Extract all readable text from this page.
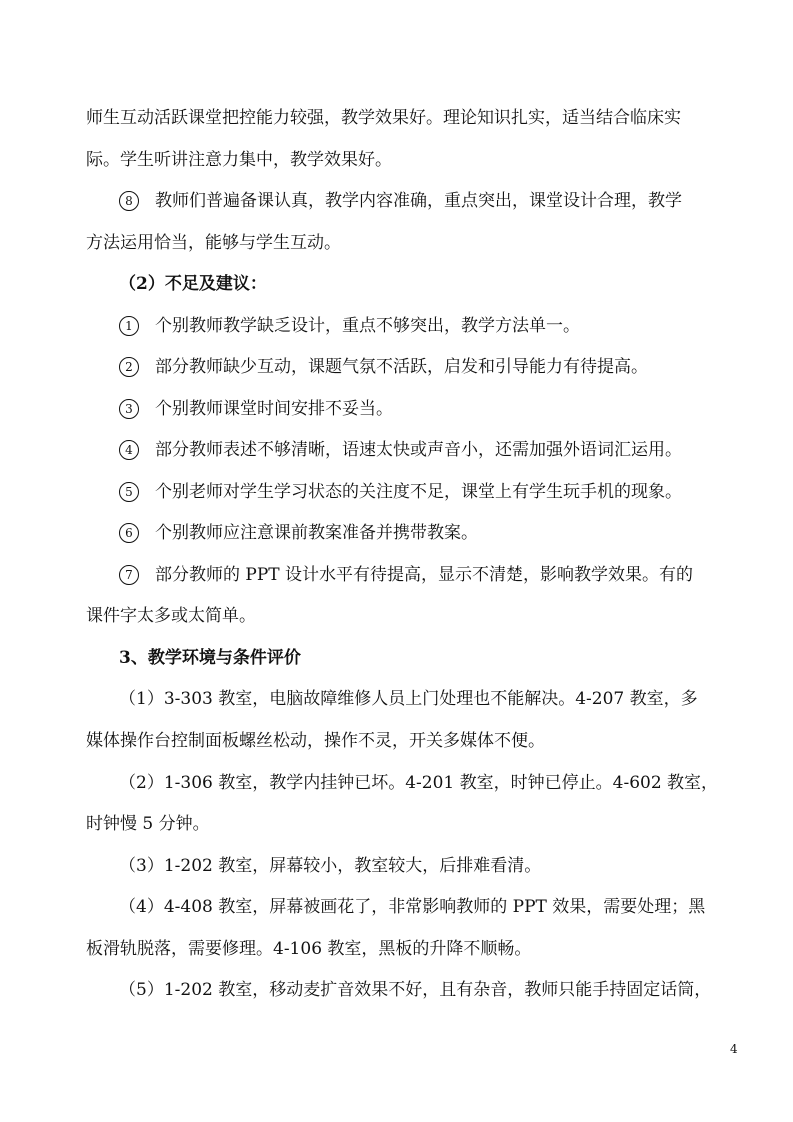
师生互动活跃课堂把控能力较强，教学效果好。理论知识扎实，适当结合临床实
际。学生听讲注意力集中，教学效果好。
8 教师们普遍备课认真，教学内容准确，重点突出，课堂设计合理，教学
方法运用恰当，能够与学生互动。
（2）不足及建议：
1 个别教师教学缺乏设计，重点不够突出，教学方法单一。
2 部分教师缺少互动，课题气氛不活跃，启发和引导能力有待提高。
3 个别教师课堂时间安排不妥当。
4 部分教师表述不够清晰，语速太快或声音小，还需加强外语词汇运用。
5 个别老师对学生学习状态的关注度不足，课堂上有学生玩手机的现象。
6 个别教师应注意课前教案准备并携带教案。
7 部分教师的 PPT 设计水平有待提高，显示不清楚，影响教学效果。有的
课件字太多或太简单。
3、教学环境与条件评价
（1）3-303 教室，电脑故障维修人员上门处理也不能解决。4-207 教室，多
媒体操作台控制面板螺丝松动，操作不灵，开关多媒体不便。
（2）1-306 教室，教学内挂钟已坏。4-201 教室，时钟已停止。4-602 教室，
时钟慢 5 分钟。
（3）1-202 教室，屏幕较小，教室较大，后排难看清。
（4）4-408 教室，屏幕被画花了，非常影响教师的 PPT 效果，需要处理；黑
板滑轨脱落，需要修理。4-106 教室，黑板的升降不顺畅。
（5）1-202 教室，移动麦扩音效果不好，且有杂音，教师只能手持固定话筒，
4
